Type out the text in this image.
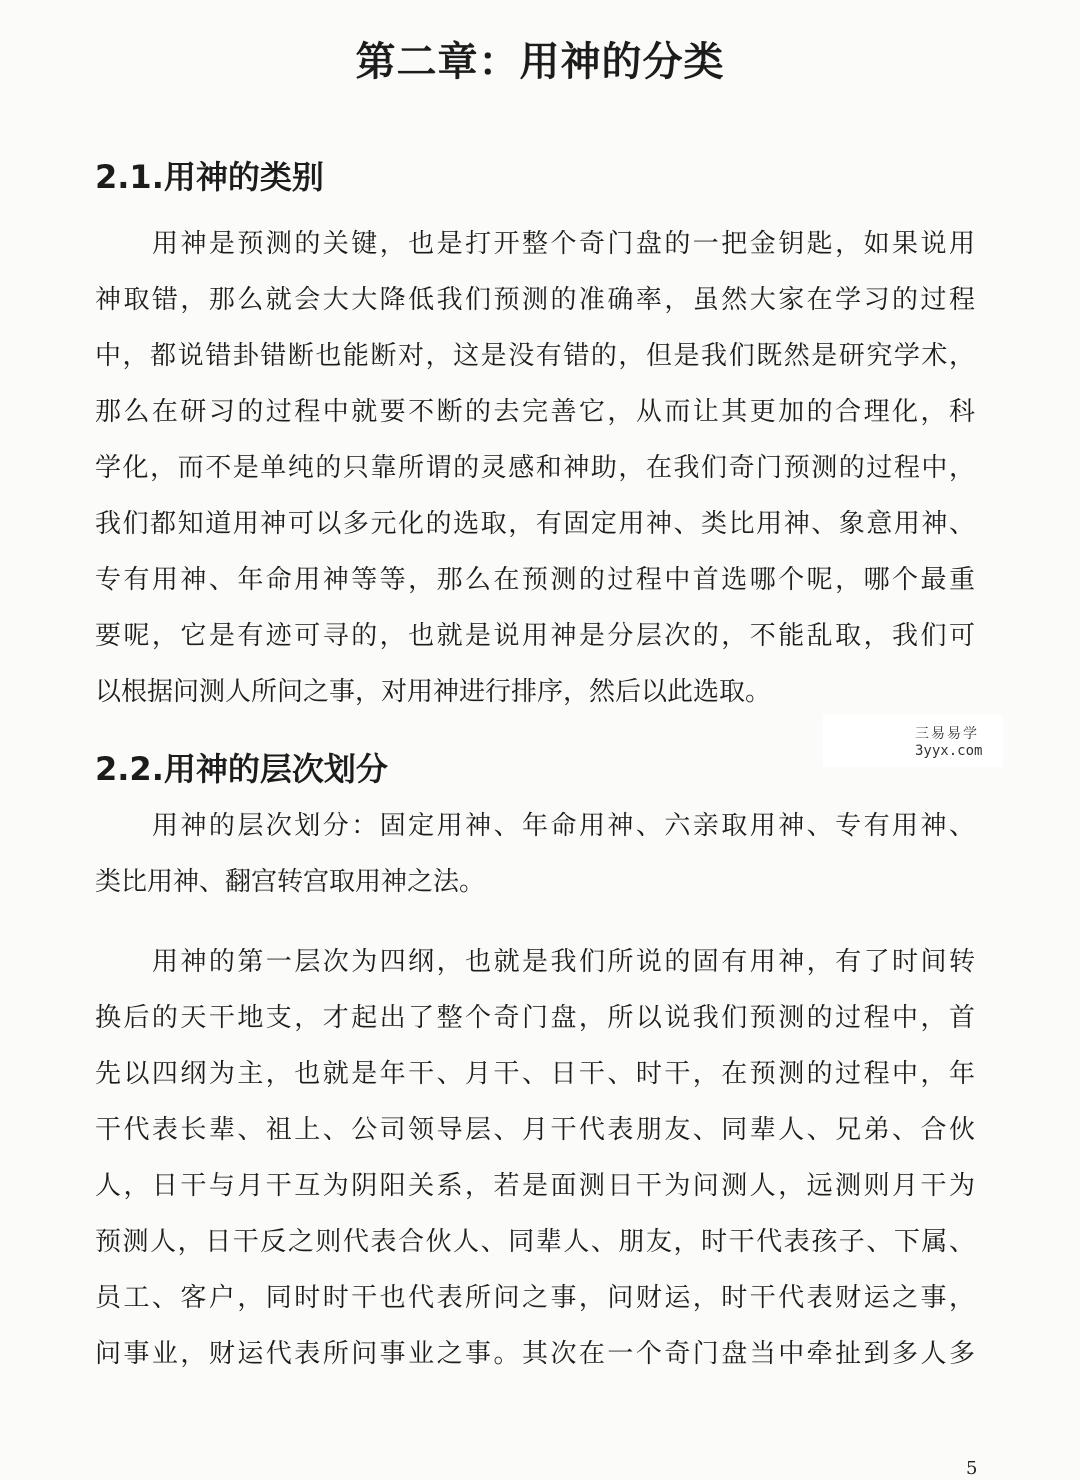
第二章：用神的分类
2.1.用神的类别
用神是预测的关键，也是打开整个奇门盘的一把金钥匙，如果说用
神取错，那么就会大大降低我们预测的准确率，虽然大家在学习的过程
中，都说错卦错断也能断对，这是没有错的，但是我们既然是研究学术，
那么在研习的过程中就要不断的去完善它，从而让其更加的合理化，科
学化，而不是单纯的只靠所谓的灵感和神助，在我们奇门预测的过程中，
我们都知道用神可以多元化的选取，有固定用神、类比用神、象意用神、
专有用神、年命用神等等，那么在预测的过程中首选哪个呢，哪个最重
要呢，它是有迹可寻的，也就是说用神是分层次的，不能乱取，我们可
以根据问测人所问之事，对用神进行排序，然后以此选取。
三易易学
3yyx.com
2.2.用神的层次划分
用神的层次划分：固定用神、年命用神、六亲取用神、专有用神、
类比用神、翻宫转宫取用神之法。
用神的第一层次为四纲，也就是我们所说的固有用神，有了时间转
换后的天干地支，才起出了整个奇门盘，所以说我们预测的过程中，首
先以四纲为主，也就是年干、月干、日干、时干，在预测的过程中，年
干代表长辈、祖上、公司领导层、月干代表朋友、同辈人、兄弟、合伙
人，日干与月干互为阴阳关系，若是面测日干为问测人，远测则月干为
预测人，日干反之则代表合伙人、同辈人、朋友，时干代表孩子、下属、
员工、客户，同时时干也代表所问之事，问财运，时干代表财运之事，
问事业，财运代表所问事业之事。其次在一个奇门盘当中牵扯到多人多
5
